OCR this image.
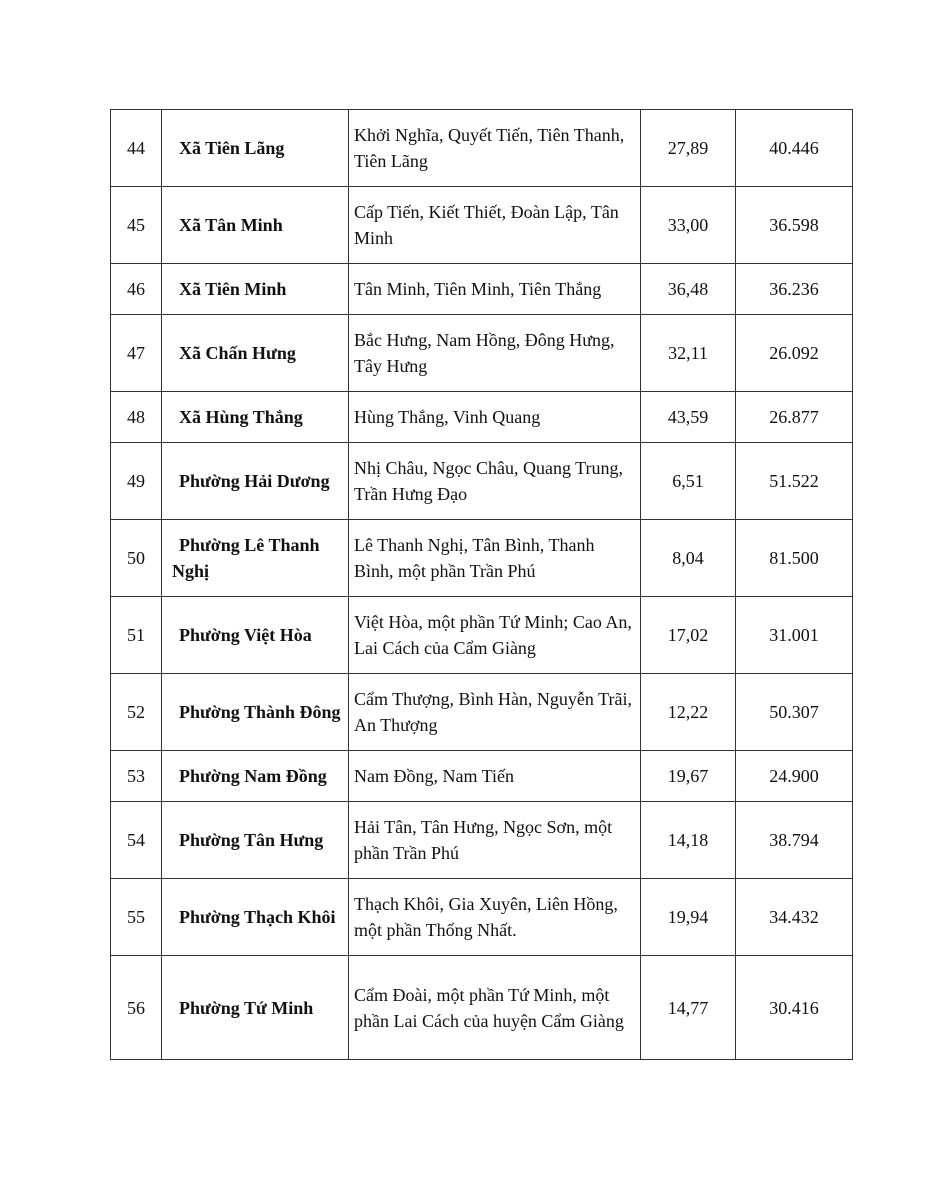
44	Xã Tiên Lãng	Khởi Nghĩa, Quyết Tiến, Tiên Thanh, Tiên Lãng	27,89	40.446
45	Xã Tân Minh	Cấp Tiến, Kiết Thiết, Đoàn Lập, Tân Minh	33,00	36.598
46	Xã Tiên Minh	Tân Minh, Tiên Minh, Tiên Thắng	36,48	36.236
47	Xã Chấn Hưng	Bắc Hưng, Nam Hồng, Đông Hưng, Tây Hưng	32,11	26.092
48	Xã Hùng Thắng	Hùng Thắng, Vinh Quang	43,59	26.877
49	Phường Hải Dương	Nhị Châu, Ngọc Châu, Quang Trung, Trần Hưng Đạo	6,51	51.522
50	Phường Lê Thanh Nghị	Lê Thanh Nghị, Tân Bình, Thanh Bình, một phần Trần Phú	8,04	81.500
51	Phường Việt Hòa	Việt Hòa, một phần Tứ Minh; Cao An, Lai Cách của Cẩm Giàng	17,02	31.001
52	Phường Thành Đông	Cẩm Thượng, Bình Hàn, Nguyễn Trãi, An Thượng	12,22	50.307
53	Phường Nam Đồng	Nam Đồng, Nam Tiến	19,67	24.900
54	Phường Tân Hưng	Hải Tân, Tân Hưng, Ngọc Sơn, một phần Trần Phú	14,18	38.794
55	Phường Thạch Khôi	Thạch Khôi, Gia Xuyên, Liên Hồng, một phần Thống Nhất.	19,94	34.432
56	Phường Tứ Minh	Cẩm Đoài, một phần Tứ Minh, một phần Lai Cách của huyện Cẩm Giàng	14,77	30.416
